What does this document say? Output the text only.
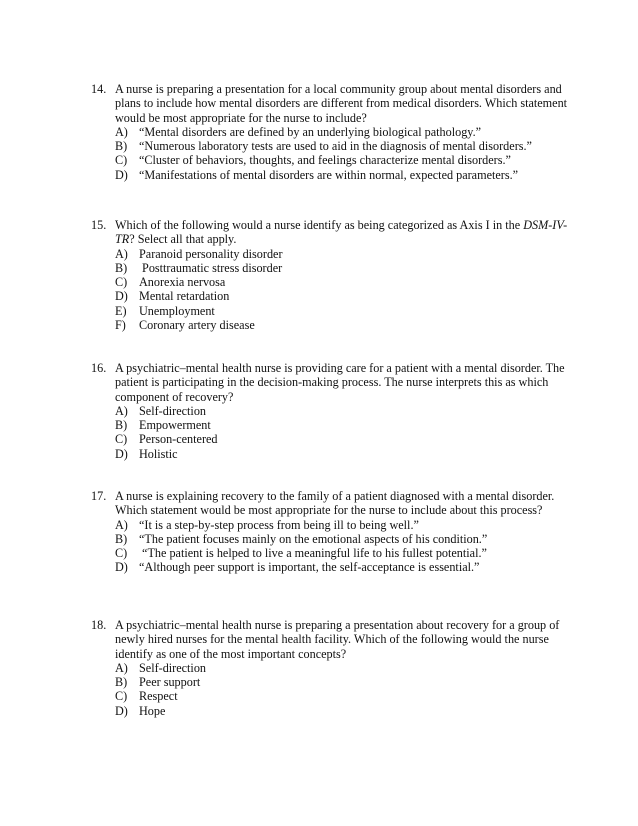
14. A nurse is preparing a presentation for a local community group about mental disorders and plans to include how mental disorders are different from medical disorders. Which statement would be most appropriate for the nurse to include?
A) “Mental disorders are defined by an underlying biological pathology.”
B) “Numerous laboratory tests are used to aid in the diagnosis of mental disorders.”
C) “Cluster of behaviors, thoughts, and feelings characterize mental disorders.”
D) “Manifestations of mental disorders are within normal, expected parameters.”
15. Which of the following would a nurse identify as being categorized as Axis I in the DSM-IV-TR? Select all that apply.
A) Paranoid personality disorder
B) Posttraumatic stress disorder
C) Anorexia nervosa
D) Mental retardation
E)	Unemployment
F)	Coronary artery disease
16. A psychiatric–mental health nurse is providing care for a patient with a mental disorder. The patient is participating in the decision-making process. The nurse interprets this as which component of recovery?
A) Self-direction
B) Empowerment
C) Person-centered
D) Holistic
17. A nurse is explaining recovery to the family of a patient diagnosed with a mental disorder. Which statement would be most appropriate for the nurse to include about this process?
A) “It is a step-by-step process from being ill to being well.”
B) “The patient focuses mainly on the emotional aspects of his condition.”
C) “The patient is helped to live a meaningful life to his fullest potential.”
D) “Although peer support is important, the self-acceptance is essential.”
18. A psychiatric–mental health nurse is preparing a presentation about recovery for a group of newly hired nurses for the mental health facility. Which of the following would the nurse identify as one of the most important concepts?
A) Self-direction
B) Peer support
C) Respect
D) Hope
